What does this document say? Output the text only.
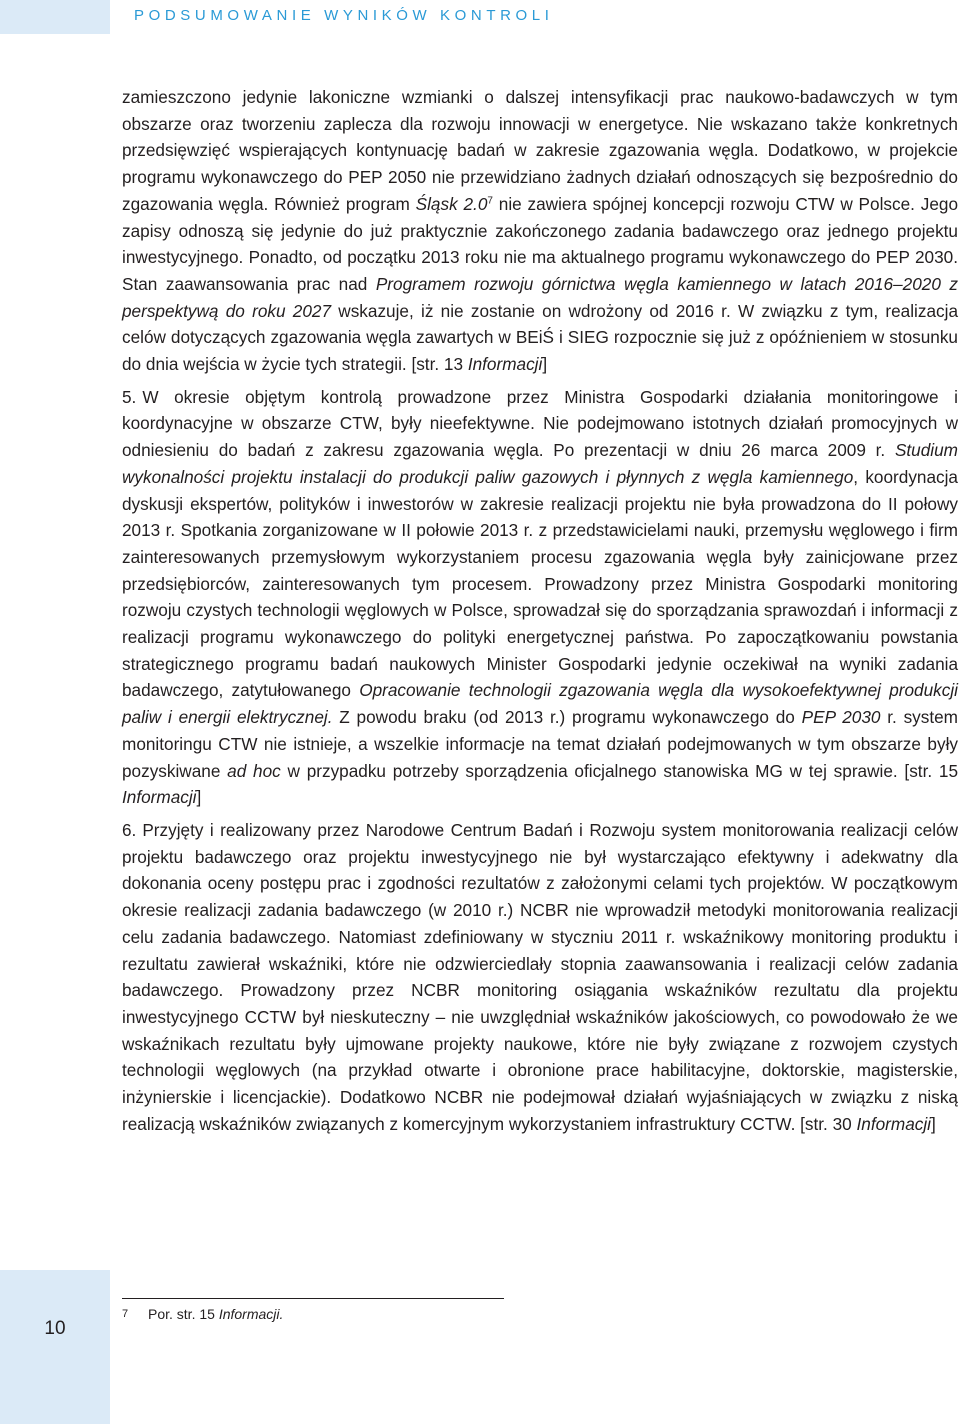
PODSUMOWANIE WYNIKÓW KONTROLI

zamieszczono jedynie lakoniczne wzmianki o dalszej intensyfikacji prac naukowo-badawczych w tym obszarze oraz tworzeniu zaplecza dla rozwoju innowacji w energetyce. Nie wskazano także konkretnych przedsięwzięć wspierających kontynuację badań w zakresie zgazowania węgla. Dodatkowo, w projekcie programu wykonawczego do PEP 2050 nie przewidziano żadnych działań odnoszących się bezpośrednio do zgazowania węgla. Również program Śląsk $2.0^7$ nie zawiera spójnej koncepcji rozwoju CTW w Polsce. Jego zapisy odnoszą się jedynie do już praktycznie zakończonego zadania badawczego oraz jednego projektu inwestycyjnego. Ponadto, od początku 2013 roku nie ma aktualnego programu wykonawczego do PEP 2030. Stan zaawansowania prac nad Programem rozwoju górnictwa węgla kamiennego w latach 2016–2020 z perspektywą do roku 2027 wskazuje, iż nie zostanie on wdrożony od 2016 r. W związku z tym, realizacja celów dotyczących zgazowania węgla zawartych w BEiŚ i SIEG rozpocznie się już z opóźnieniem w stosunku do dnia wejścia w życie tych strategii. [str. 13 Informacji]

5. W okresie objętym kontrolą prowadzone przez Ministra Gospodarki działania monitoringowe i koordynacyjne w obszarze CTW, były nieefektywne. Nie podejmowano istotnych działań promocyjnych w odniesieniu do badań z zakresu zgazowania węgla. Po prezentacji w dniu 26 marca 2009 r. Studium wykonalności projektu instalacji do produkcji paliw gazowych i płynnych z węgla kamiennego, koordynacja dyskusji ekspertów, polityków i inwestorów w zakresie realizacji projektu nie była prowadzona do II połowy 2013 r. Spotkania zorganizowane w II połowie 2013 r. z przedstawicielami nauki, przemysłu węglowego i firm zainteresowanych przemysłowym wykorzystaniem procesu zgazowania węgla były zainicjowane przez przedsiębiorców, zainteresowanych tym procesem. Prowadzony przez Ministra Gospodarki monitoring rozwoju czystych technologii węglowych w Polsce, sprowadzał się do sporządzania sprawozdań i informacji z realizacji programu wykonawczego do polityki energetycznej państwa. Po zapoczątkowaniu powstania strategicznego programu badań naukowych Minister Gospodarki jedynie oczekiwał na wyniki zadania badawczego, zatytułowanego Opracowanie technologii zgazowania węgla dla wysokoefektywnej produkcji paliw i energii elektrycznej. Z powodu braku (od 2013 r.) programu wykonawczego do PEP 2030 r. system monitoringu CTW nie istnieje, a wszelkie informacje na temat działań podejmowanych w tym obszarze były pozyskiwane ad hoc w przypadku potrzeby sporządzenia oficjalnego stanowiska MG w tej sprawie. [str. 15 Informacji]

6. Przyjęty i realizowany przez Narodowe Centrum Badań i Rozwoju system monitorowania realizacji celów projektu badawczego oraz projektu inwestycyjnego nie był wystarczająco efektywny i adekwatny dla dokonania oceny postępu prac i zgodności rezultatów z założonymi celami tych projektów. W początkowym okresie realizacji zadania badawczego (w 2010 r.) NCBR nie wprowadził metodyki monitorowania realizacji celu zadania badawczego. Natomiast zdefiniowany w styczniu 2011 r. wskaźnikowy monitoring produktu i rezultatu zawierał wskaźniki, które nie odzwierciedlały stopnia zaawansowania i realizacji celów zadania badawczego. Prowadzony przez NCBR monitoring osiągania wskaźników rezultatu dla projektu inwestycyjnego CCTW był nieskuteczny – nie uwzględniał wskaźników jakościowych, co powodowało że we wskaźnikach rezultatu były ujmowane projekty naukowe, które nie były związane z rozwojem czystych technologii węglowych (na przykład otwarte i obronione prace habilitacyjne, doktorskie, magisterskie, inżynierskie i licencjackie). Dodatkowo NCBR nie podejmował działań wyjaśniających w związku z niską realizacją wskaźników związanych z komercyjnym wykorzystaniem infrastruktury CCTW. [str. 30 Informacji]

7 Por. str. 15 Informacji.
10
